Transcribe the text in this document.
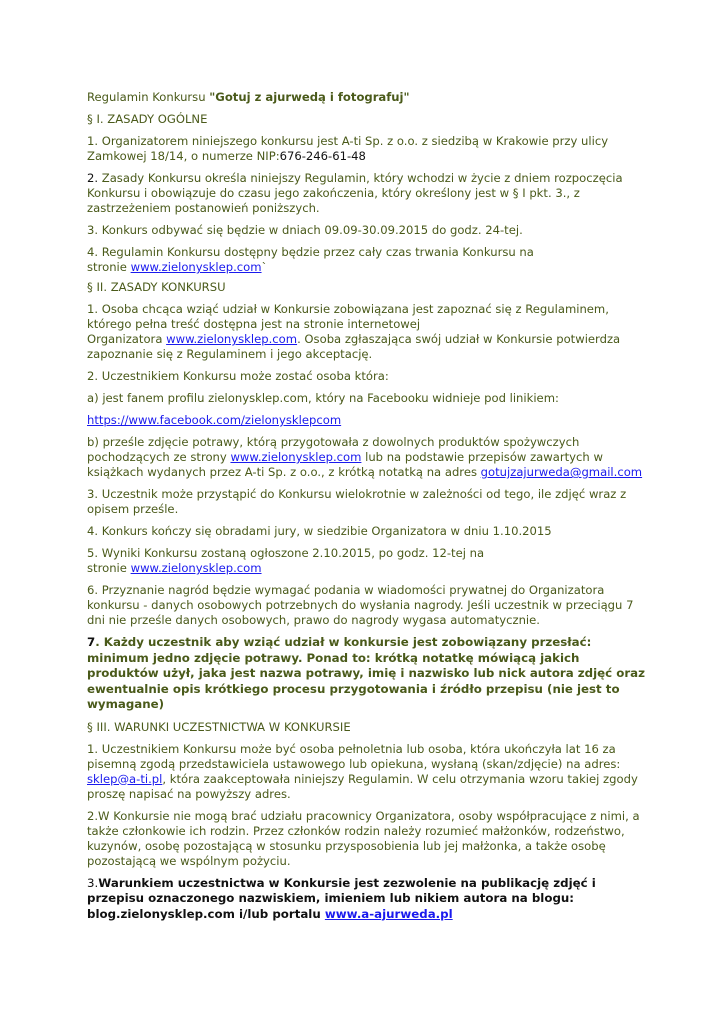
Regulamin Konkursu "Gotuj z ajurwedą i fotografuj"

§ I. ZASADY OGÓLNE

1. Organizatorem niniejszego konkursu jest A-ti Sp. z o.o. z siedzibą w Krakowie przy ulicy Zamkowej 18/14, o numerze NIP:676-246-61-48

2. Zasady Konkursu określa niniejszy Regulamin, który wchodzi w życie z dniem rozpoczęcia Konkursu i obowiązuje do czasu jego zakończenia, który określony jest w § I pkt. 3., z zastrzeżeniem postanowień poniższych.

3. Konkurs odbywać się będzie w dniach 09.09-30.09.2015 do godz. 24-tej.

4. Regulamin Konkursu dostępny będzie przez cały czas trwania Konkursu na
stronie www.zielonysklep.com`

§ II. ZASADY KONKURSU

1. Osoba chcąca wziąć udział w Konkursie zobowiązana jest zapoznać się z Regulaminem,
którego pełna treść dostępna jest na stronie internetowej
Organizatora www.zielonysklep.com. Osoba zgłaszająca swój udział w Konkursie potwierdza zapoznanie się z Regulaminem i jego akceptację.

2. Uczestnikiem Konkursu może zostać osoba która:

a) jest fanem profilu zielonysklep.com, który na Facebooku widnieje pod linikiem:

https://www.facebook.com/zielonysklepcom

b) prześle zdjęcie potrawy, którą przygotowała z dowolnych produktów spożywczych pochodzących ze strony www.zielonysklep.com lub na podstawie przepisów zawartych w książkach wydanych przez A-ti Sp. z o.o., z krótką notatką na adres gotujzajurweda@gmail.com

3. Uczestnik może przystąpić do Konkursu wielokrotnie w zależności od tego, ile zdjęć wraz z opisem prześle.

4. Konkurs kończy się obradami jury, w siedzibie Organizatora w dniu 1.10.2015

5. Wyniki Konkursu zostaną ogłoszone 2.10.2015, po godz. 12-tej na
stronie www.zielonysklep.com

6. Przyznanie nagród będzie wymagać podania w wiadomości prywatnej do Organizatora konkursu - danych osobowych potrzebnych do wysłania nagrody. Jeśli uczestnik w przeciągu 7 dni nie prześle danych osobowych, prawo do nagrody wygasa automatycznie.

7. Każdy uczestnik aby wziąć udział w konkursie jest zobowiązany przesłać: minimum jedno zdjęcie potrawy. Ponad to: krótką notatkę mówiącą jakich produktów użył, jaka jest nazwa potrawy, imię i nazwisko lub nick autora zdjęć oraz ewentualnie opis krótkiego procesu przygotowania i źródło przepisu (nie jest to wymagane)

§ III. WARUNKI UCZESTNICTWA W KONKURSIE

1. Uczestnikiem Konkursu może być osoba pełnoletnia lub osoba, która ukończyła lat 16 za pisemną zgodą przedstawiciela ustawowego lub opiekuna, wysłaną (skan/zdjęcie) na adres: sklep@a-ti.pl, która zaakceptowała niniejszy Regulamin. W celu otrzymania wzoru takiej zgody proszę napisać na powyższy adres.

2.W Konkursie nie mogą brać udziału pracownicy Organizatora, osoby współpracujące z nimi, a także członkowie ich rodzin. Przez członków rodzin należy rozumieć małżonków, rodzeństwo, kuzynów, osobę pozostającą w stosunku przysposobienia lub jej małżonka, a także osobę pozostającą we wspólnym pożyciu.

3.Warunkiem uczestnictwa w Konkursie jest zezwolenie na publikację zdjęć i przepisu oznaczonego nazwiskiem, imieniem lub nikiem autora na blogu: blog.zielonysklep.com i/lub portalu www.a-ajurweda.pl
